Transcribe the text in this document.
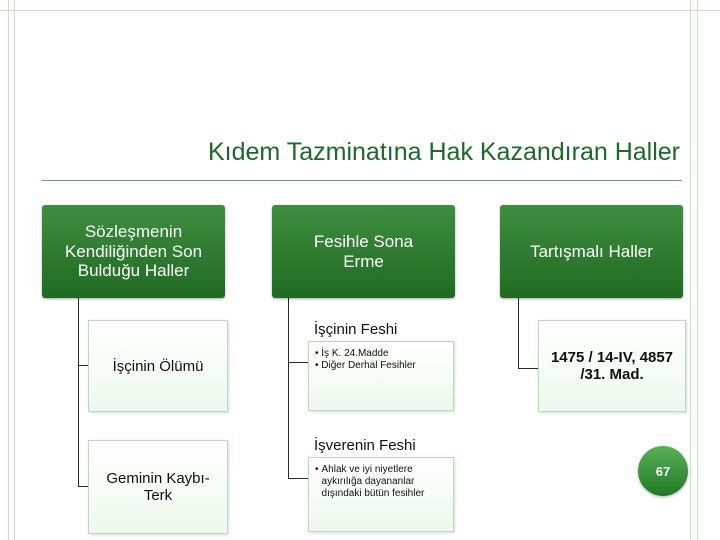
Kıdem Tazminatına Hak Kazandıran Haller
Sözleşmenin Kendiliğinden Son Bulduğu Haller
İşçinin Ölümü
Geminin Kaybı-Terk
Fesihle Sona Erme
İşçinin Feshi
• İş K. 24.Madde
• Diğer Derhal Fesihler
İşverenin Feshi
• Ahlak ve iyi niyetlere aykırılığa dayananlar dışındaki bütün fesihler
Tartışmalı Haller
1475 / 14-IV, 4857 /31. Mad.
67
